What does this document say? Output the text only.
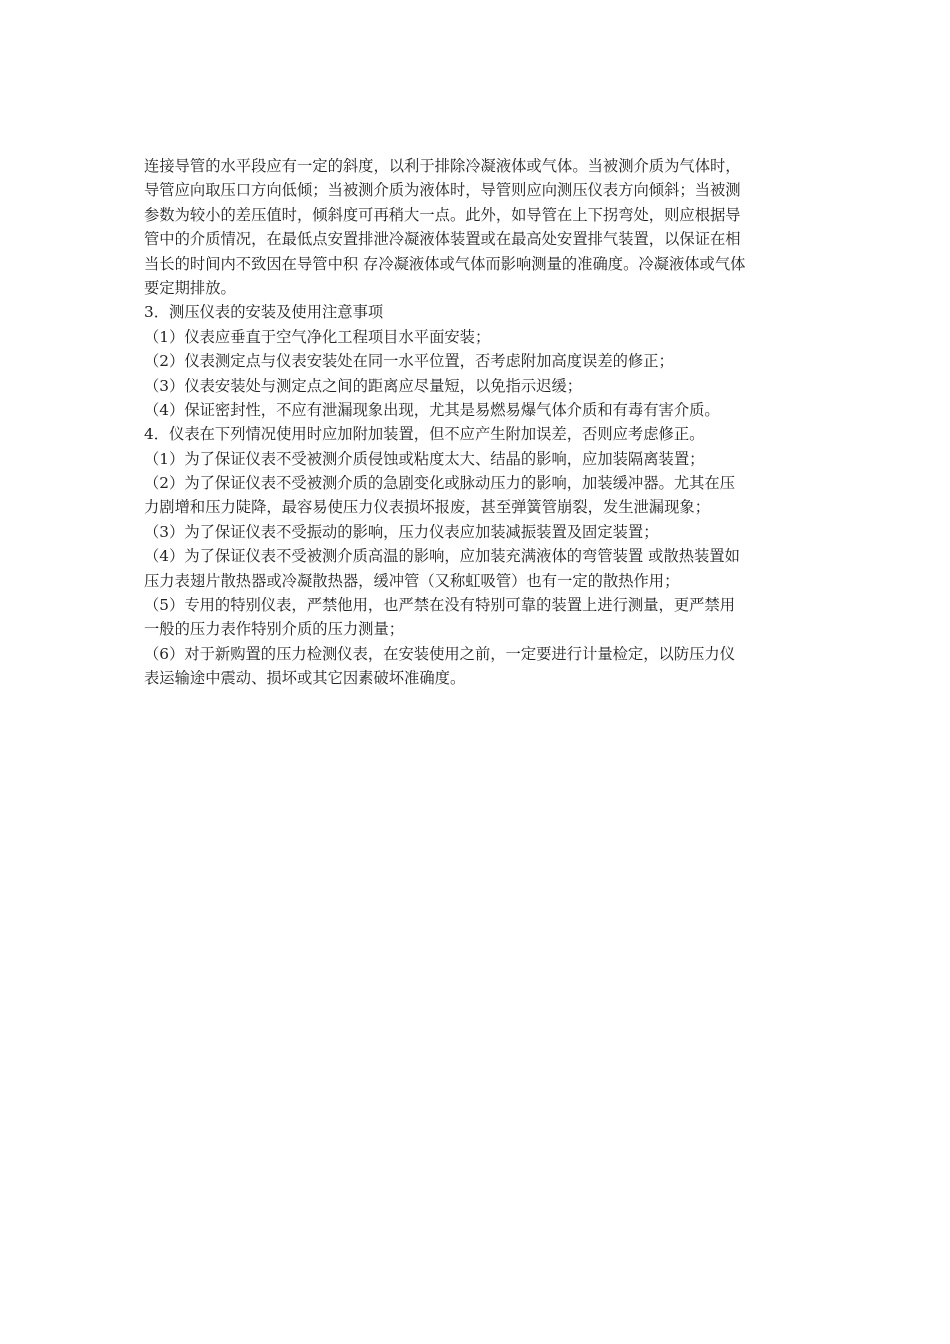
连接导管的水平段应有一定的斜度，以利于排除冷凝液体或气体。当被测介质为气体时，
导管应向取压口方向低倾；当被测介质为液体时，导管则应向测压仪表方向倾斜；当被测
参数为较小的差压值时，倾斜度可再稍大一点。此外，如导管在上下拐弯处，则应根据导
管中的介质情况，在最低点安置排泄冷凝液体装置或在最高处安置排气装置，以保证在相
当长的时间内不致因在导管中积 存冷凝液体或气体而影响测量的准确度。冷凝液体或气体
要定期排放。
3．测压仪表的安装及使用注意事项
（1）仪表应垂直于空气净化工程项目水平面安装；
（2）仪表测定点与仪表安装处在同一水平位置，否考虑附加高度误差的修正；
（3）仪表安装处与测定点之间的距离应尽量短，以免指示迟缓；
（4）保证密封性，不应有泄漏现象出现，尤其是易燃易爆气体介质和有毒有害介质。
4．仪表在下列情况使用时应加附加装置，但不应产生附加误差，否则应考虑修正。
（1）为了保证仪表不受被测介质侵蚀或粘度太大、结晶的影响，应加装隔离装置；
（2）为了保证仪表不受被测介质的急剧变化或脉动压力的影响，加装缓冲器。尤其在压
力剧增和压力陡降，最容易使压力仪表损坏报废，甚至弹簧管崩裂，发生泄漏现象；
（3）为了保证仪表不受振动的影响，压力仪表应加装减振装置及固定装置；
（4）为了保证仪表不受被测介质高温的影响，应加装充满液体的弯管装置 或散热装置如
压力表翅片散热器或冷凝散热器，缓冲管（又称虹吸管）也有一定的散热作用；
（5）专用的特别仪表，严禁他用，也严禁在没有特别可靠的装置上进行测量，更严禁用
一般的压力表作特别介质的压力测量；
（6）对于新购置的压力检测仪表，在安装使用之前，一定要进行计量检定，以防压力仪
表运输途中震动、损坏或其它因素破坏准确度。
